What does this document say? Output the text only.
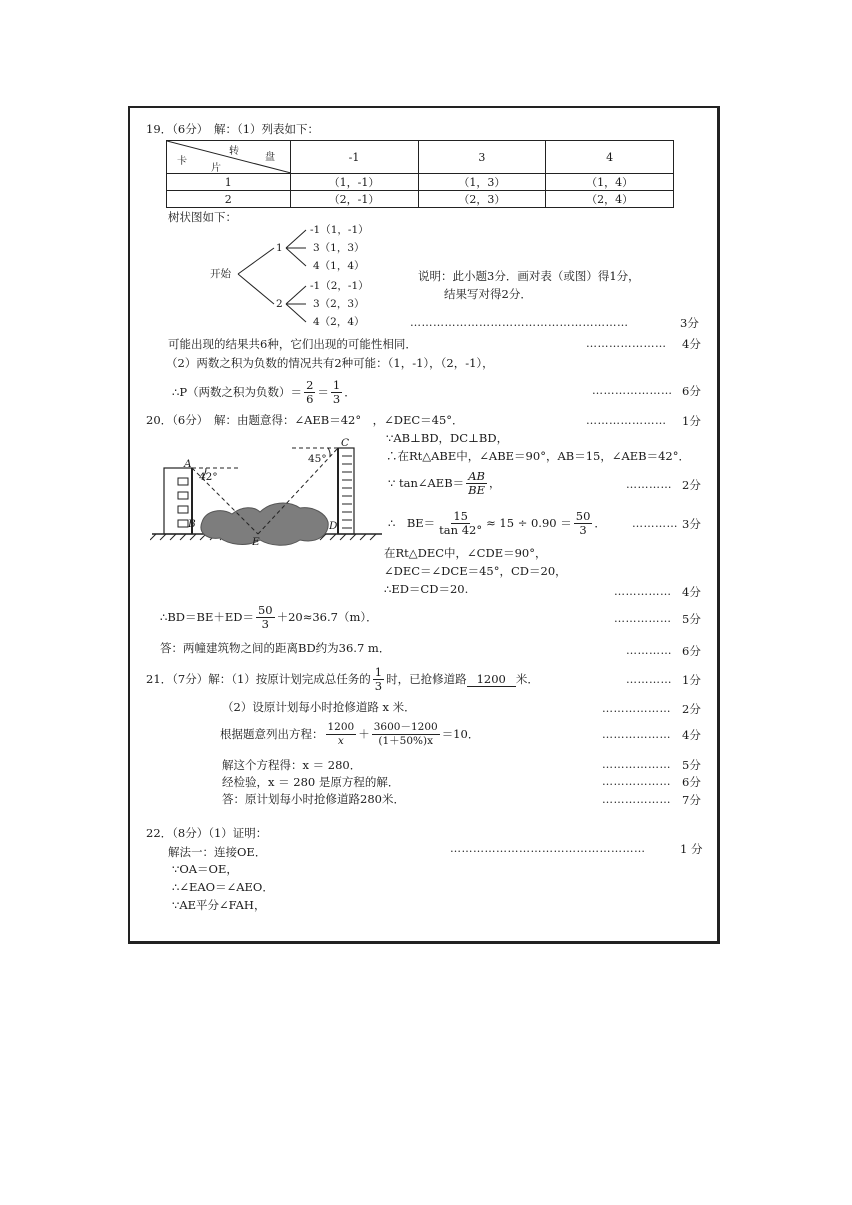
19．（6分）　解：（1）列表如下：
转
盘
卡
片	-1	3	4
1	（1，-1）	（1，3）	（1，4）
2	（2，-1）	（2，3）	（2，4）
树状图如下：
开始
1
2
-1（1，-1）
3（1，3）
4（1，4）
-1（2，-1）
3（2，3）
4（2，4）
说明：此小题3分．画对表（或图）得1分，
结果写对得2分．
…………………………………………………	3分
可能出现的结果共6种，它们出现的可能性相同．	………………… 4分
（2）两数之积为负数的情况共有2种可能：（1，-1），（2，-1），
∴P（两数之积为负数）＝ $\frac{2}{6} = \frac{1}{3}$ ．	………………… 6分
20．（6分）　解：由题意得：∠AEB＝42°　，∠DEC＝45°．	………………… 1分
A
B
C
D
E
42°
45°
∵AB⊥BD，DC⊥BD，
∴在Rt△ABE中，∠ABE＝90°，AB＝15，∠AEB＝42°．
∵ tan∠AEB＝ $\frac{AB}{BE}$ ，	………… 2分
∴　$BE= \frac{15}{\tan 42^\circ} \approx 15 \div 0.90 = \frac{50}{3}$ ． ………… 3分
在Rt△DEC中，∠CDE＝90°，
∠DEC＝∠DCE＝45°，CD＝20，
∴ED＝CD＝20.	…………… 4分
∴BD＝BE＋ED＝ $\frac{50}{3} +20\approx 36.7(m)$．	…………… 5分
答：两幢建筑物之间的距离BD约为36.7 m．	………… 6分
21．（7分）解：（1）按原计划完成总任务的 $\frac{1}{3}$ 时，已抢修道路 1200 米．	………… 1分
（2）设原计划每小时抢修道路 x 米．	……………… 2分
根据题意列出方程： $\frac{1200}{x} + \frac{3600-1200}{(1+50\%)x} =10$．	……………… 4分
解这个方程得：x ＝ 280．	……………… 5分
经检验，x ＝ 280 是原方程的解．	……………… 6分
答：原计划每小时抢修道路280米．	……………… 7分
22．（8分）（1）证明：
解法一：连接OE．	……………………………………………	1 分
∵OA＝OE，
∴∠EAO＝∠AEO．
∵AE平分∠FAH，
